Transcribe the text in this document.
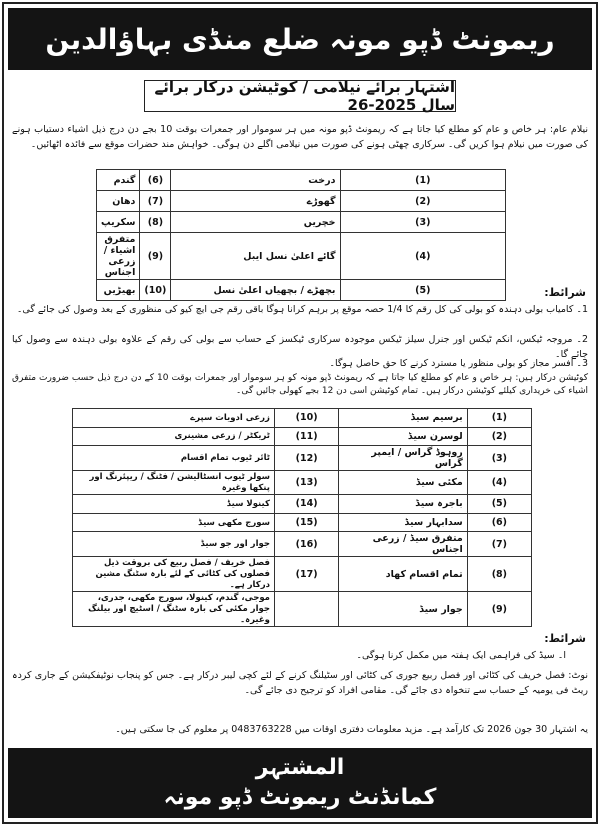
ریمونٹ ڈپو مونہ ضلع منڈی بہاؤالدین
اشتہار برائے نیلامی / کوٹیشن درکار برائے سال 2025-26
نیلام عام: ہر خاص و عام کو مطلع کیا جاتا ہے کہ ریمونٹ ڈپو مونہ میں ہر سوموار اور جمعرات بوقت 10 بجے دن درج ذیل اشیاء دستیاب ہونے کی صورت میں نیلام ہوا کریں گی۔ سرکاری چھٹی ہونے کی صورت میں نیلامی اگلے دن ہوگی۔ خواہش مند حضرات موقع سے فائدہ اٹھائیں۔
(1)	درخت	(6)	گندم
(2)	گھوڑے	(7)	دھان
(3)	خچریں	(8)	سکریپ
(4)	گائے اعلیٰ نسل ایبل	(9)	متفرق اشیاء / زرعی اجناس
(5)	بچھڑے / بچھیاں اعلیٰ نسل	(10)	بھیڑیں	شرائط:
1۔ کامیاب بولی دہندہ کو بولی کی کل رقم کا 1/4 حصہ موقع پر برہم کرانا ہوگا باقی رقم جی ایچ کیو کی منظوری کے بعد وصول کی جائے گی۔
2۔ مروجہ ٹیکس، انکم ٹیکس اور جنرل سیلز ٹیکس موجودہ سرکاری ٹیکسز کے حساب سے بولی کی رقم کے علاوہ بولی دہندہ سے وصول کیا جائے گا۔
3۔ افسر مجاز کو بولی منظور یا مسترد کرنے کا حق حاصل ہوگا۔
کوٹیشن درکار ہیں: ہر خاص و عام کو مطلع کیا جاتا ہے کہ ریمونٹ ڈپو مونہ کو ہر سوموار اور جمعرات بوقت 10 کے دن درج ذیل حسب ضرورت متفرق اشیاء کی خریداری کیلئے کوٹیشن درکار ہیں۔ تمام کوٹیشن اسی دن 12 بجے کھولی جائیں گی۔
(1)	برسیم سیڈ	(10)	زرعی ادویات سپرے
(2)	لوسرن سیڈ	(11)	ٹریکٹر / زرعی مشینری
(3)	روہوڈ گراس / ایمپر گراس	(12)	ٹائر ٹیوب تمام اقسام
(4)	مکئی سیڈ	(13)	سولر ٹیوب انسٹالیشن / فٹنگ / ریپئرنگ اور پنکھا وغیرہ
(5)	باجرہ سیڈ	(14)	کینولا سیڈ
(6)	سدابہار سیڈ	(15)	سورج مکھی سیڈ
(7)	متفرق سیڈ / زرعی اجناس	(16)	جوار اور جو سیڈ
(8)	تمام اقسام کھاد	(17)	فصل خریف / فصل ربیع کی بروقت ذیل فصلوں کی کٹائی کے لئے بارہ سٹنگ مشین درکار ہے۔
(9)	جوار سیڈ		موجی، گندم، کینولا، سورج مکھی، جدری، جوار مکئی کی بارہ سٹنگ / اسٹیچ اور بیلنگ وغیرہ۔
شرائط:
ا۔ سیڈ کی فراہمی ایک ہفتہ میں مکمل کرنا ہوگی۔
نوٹ: فصل خریف کی کٹائی اور فصل ربیع جوری کی کٹائی اور سٹیلنگ کرنے کے لئے کچی لیبر درکار ہے۔ جس کو پنجاب نوٹیفکیشن کے جاری کردہ ریٹ فی یومیہ کے حساب سے تنخواہ دی جائے گی۔ مقامی افراد کو ترجیح دی جائے گی۔
یہ اشتہار 30 جون 2026 تک کارآمد ہے۔ مزید معلومات دفتری اوقات میں 0483763228 پر معلوم کی جا سکتی ہیں۔
المشتہر
کمانڈنٹ ریمونٹ ڈپو مونہ
